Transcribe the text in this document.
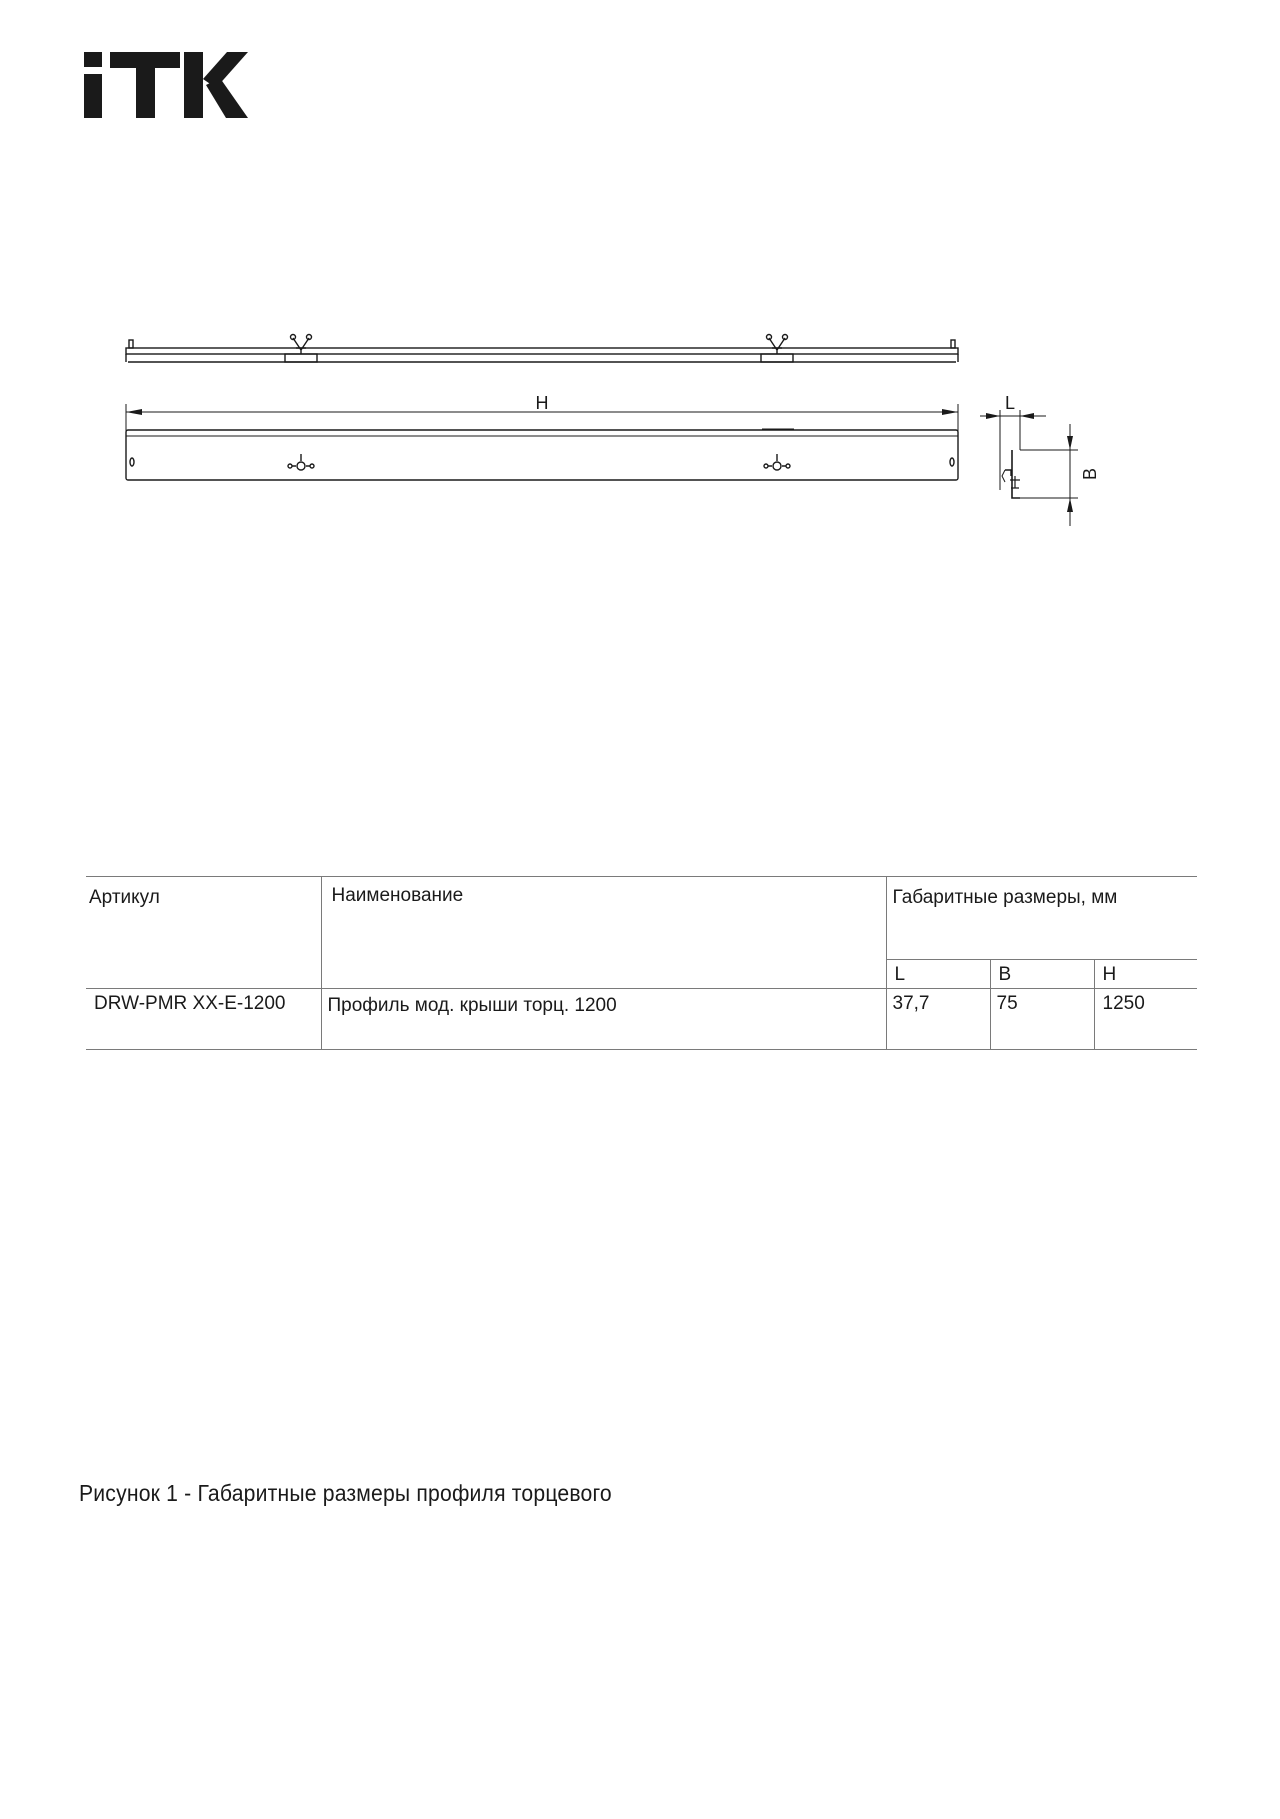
H	L
B
Артикул	Наименование	Габаритные размеры, мм		
		L	B	H
DRW-PMR XX-E-1200	Профиль мод. крыши торц. 1200	37,7	75	1250
Рисунок 1 - Габаритные размеры профиля торцевого
